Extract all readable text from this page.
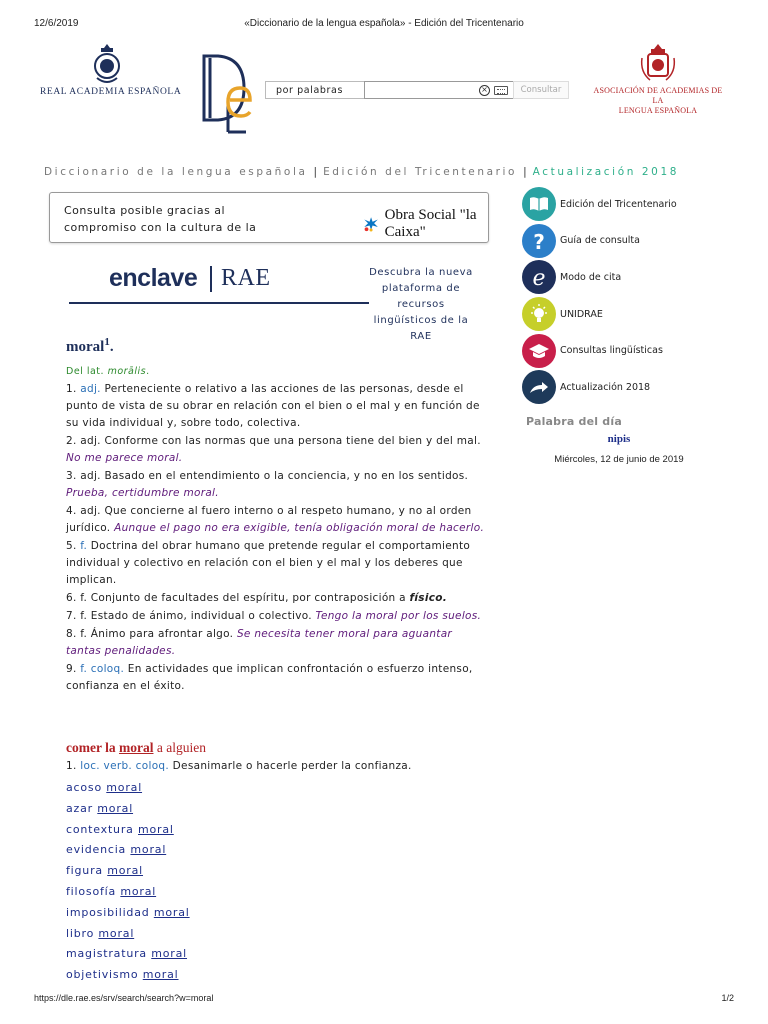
12/6/2019	«Diccionario de la lengua española» - Edición del Tricentenario
REAL ACADEMIA ESPAÑOLA	por palabras	×	Consultar	ASOCIACIÓN DE ACADEMIAS DE LA
LENGUA ESPAÑOLA
Diccionario de la lengua española | Edición del Tricentenario | Actualización 2018
Consulta posible gracias al
compromiso con la cultura de la
Obra Social "la Caixa"
enclave RAE	Descubra la nueva plataforma de recursos lingüísticos de la RAE
moral$^1$.
Del lat. morālis.
1. adj. Perteneciente o relativo a las acciones de las personas, desde el punto de vista de su obrar en relación con el bien o el mal y en función de su vida individual y, sobre todo, colectiva.
2. adj. Conforme con las normas que una persona tiene del bien y del mal. No me parece moral.
3. adj. Basado en el entendimiento o la conciencia, y no en los sentidos. Prueba, certidumbre moral.
4. adj. Que concierne al fuero interno o al respeto humano, y no al orden jurídico. Aunque el pago no era exigible, tenía obligación moral de hacerlo.
5. f. Doctrina del obrar humano que pretende regular el comportamiento individual y colectivo en relación con el bien y el mal y los deberes que implican.
6. f. Conjunto de facultades del espíritu, por contraposición a físico.
7. f. Estado de ánimo, individual o colectivo. Tengo la moral por los suelos.
8. f. Ánimo para afrontar algo. Se necesita tener moral para aguantar tantas penalidades.
9. f. coloq. En actividades que implican confrontación o esfuerzo intenso, confianza en el éxito.
comer la moral a alguien
1. loc. verb. coloq. Desanimarle o hacerle perder la confianza.
acoso moral
azar moral
contextura moral
evidencia moral
figura moral
filosofía moral
imposibilidad moral
libro moral
magistratura moral
objetivismo moral
Edición del Tricentenario
? Guía de consulta
e Modo de cita
UNIDRAE
Consultas lingüísticas
Actualización 2018
Palabra del día
nipis
Miércoles, 12 de junio de 2019
https://dle.rae.es/srv/search/search?w=moral	1/2
